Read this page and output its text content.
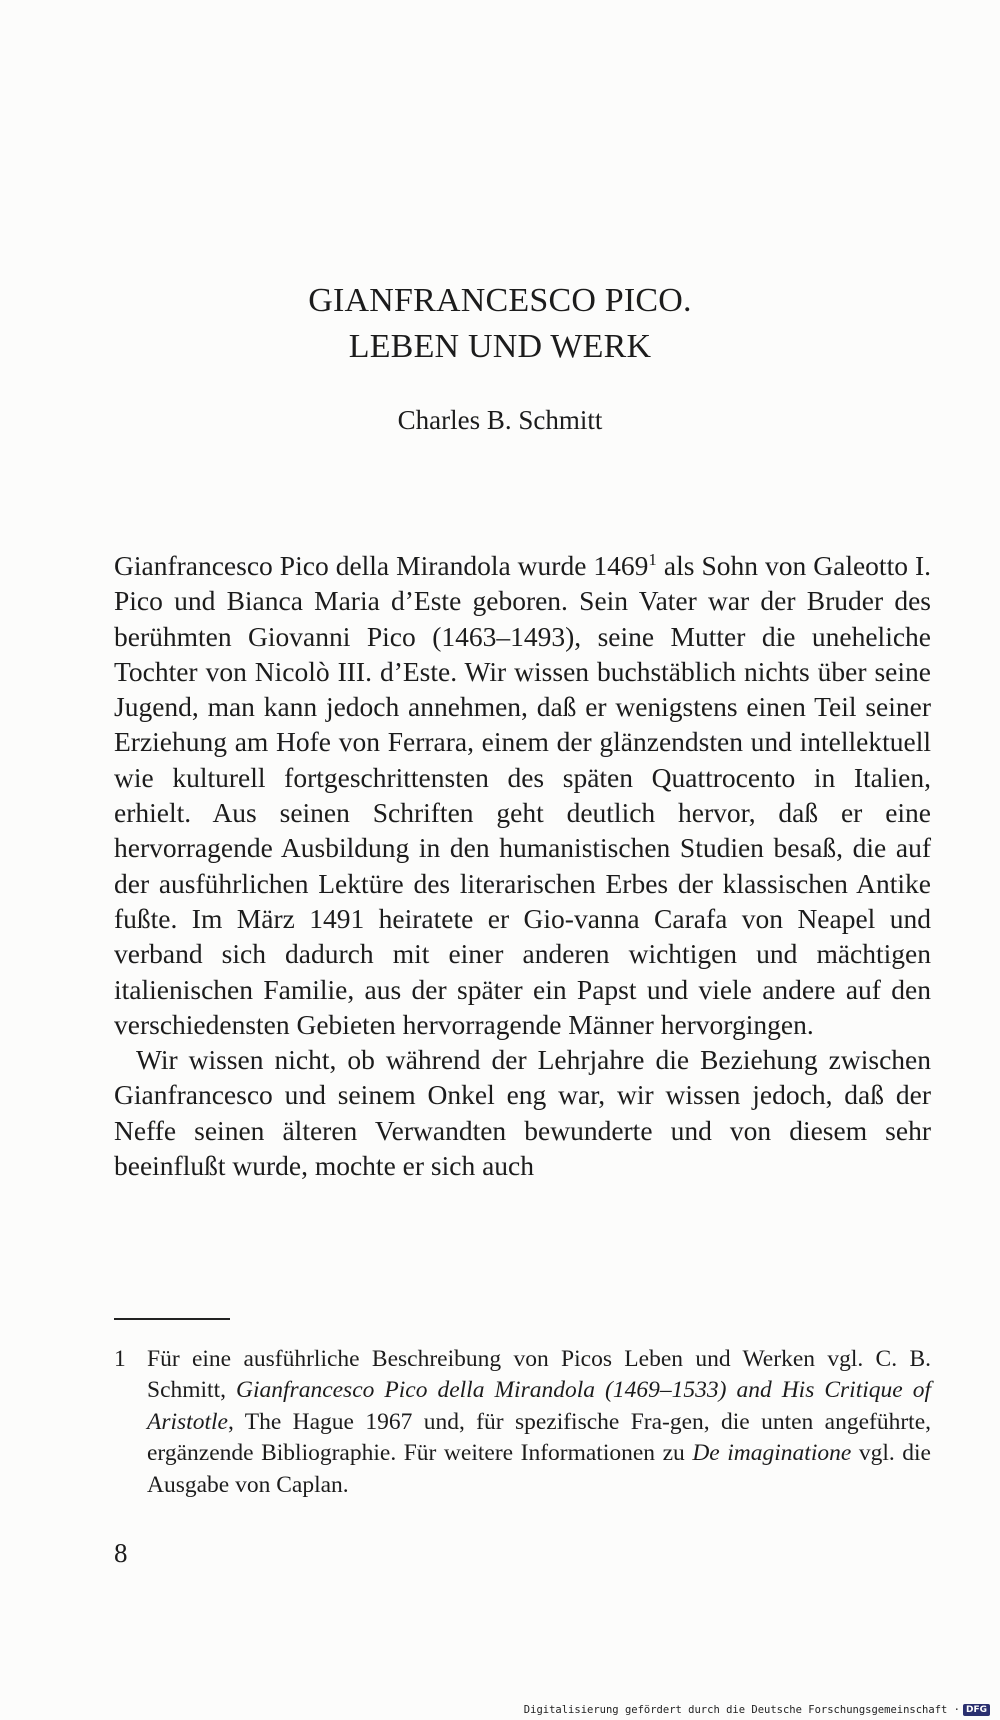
GIANFRANCESCO PICO.
LEBEN UND WERK
Charles B. Schmitt

Gianfrancesco Pico della Mirandola wurde 1469$^1$ als Sohn von Galeotto I. Pico und Bianca Maria d’Este geboren. Sein Vater war der Bruder des berühmten Giovanni Pico (1463–1493), seine Mutter die uneheliche Tochter von Nicolò III. d’Este. Wir wissen buchstäblich nichts über seine Jugend, man kann jedoch annehmen, daß er wenigstens einen Teil seiner Erziehung am Hofe von Ferrara, einem der glänzendsten und intellektuell wie kulturell fortgeschrittensten des späten Quattrocento in Italien, erhielt. Aus seinen Schriften geht deutlich hervor, daß er eine hervorragende Ausbildung in den humanistischen Studien besaß, die auf der ausführlichen Lektüre des literarischen Erbes der klassischen Antike fußte. Im März 1491 heiratete er Gio-vanna Carafa von Neapel und verband sich dadurch mit einer anderen wichtigen und mächtigen italienischen Familie, aus der später ein Papst und viele andere auf den verschiedensten Gebieten hervorragende Männer hervorgingen.

Wir wissen nicht, ob während der Lehrjahre die Beziehung zwischen Gianfrancesco und seinem Onkel eng war, wir wissen jedoch, daß der Neffe seinen älteren Verwandten bewunderte und von diesem sehr beeinflußt wurde, mochte er sich auch

1 Für eine ausführliche Beschreibung von Picos Leben und Werken vgl. C. B. Schmitt, Gianfrancesco Pico della Mirandola (1469–1533) and His Critique of Aristotle, The Hague 1967 und, für spezifische Fra-gen, die unten angeführte, ergänzende Bibliographie. Für weitere Informationen zu De imaginatione vgl. die Ausgabe von Caplan.
8
Digitalisierung gefördert durch die Deutsche Forschungsgemeinschaft · DFG
